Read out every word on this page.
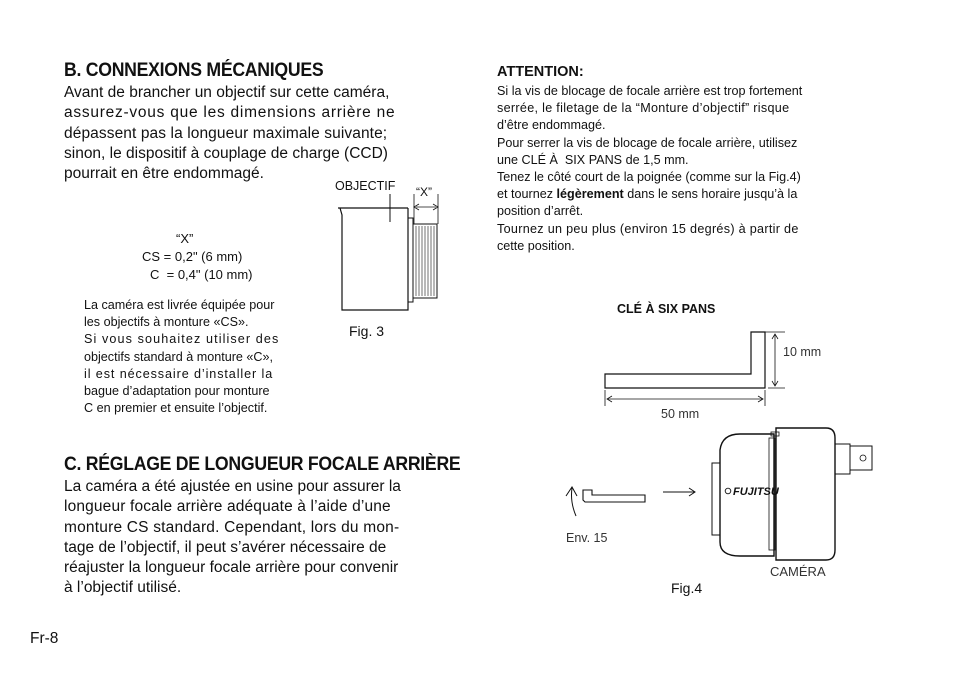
B. CONNEXIONS MÉCANIQUES
Avant de brancher un objectif sur cette caméra,
assurez-vous que les dimensions arrière ne
dépassent pas la longueur maximale suivante;
sinon, le dispositif à couplage de charge (CCD)
pourrait en être endommagé.
“X”
CS = 0,2" (6 mm)
C  = 0,4" (10 mm)
La caméra est livrée équipée pour
les objectifs à monture «CS».
Si vous souhaitez utiliser des
objectifs standard à monture «C»,
il est nécessaire d’installer la
bague d’adaptation pour monture
C en premier et ensuite l’objectif.
OBJECTIF “X”
Fig. 3
C. RÉGLAGE DE LONGUEUR FOCALE ARRIÈRE
La caméra a été ajustée en usine pour assurer la
longueur focale arrière adéquate à l’aide d’une
monture CS standard. Cependant, lors du mon-
tage de l’objectif, il peut s’avérer nécessaire de
réajuster la longueur focale arrière pour convenir
à l’objectif utilisé.
Fr-8
ATTENTION:
Si la vis de blocage de focale arrière est trop fortement
serrée, le filetage de la “Monture d’objectif” risque
d’être endommagé.
Pour serrer la vis de blocage de focale arrière, utilisez
une CLÉ À  SIX PANS de 1,5 mm.
Tenez le côté court de la poignée (comme sur la Fig.4)
et tournez légèrement dans le sens horaire jusqu’à la
position d’arrêt.
Tournez un peu plus (environ 15 degrés) à partir de
cette position.
CLÉ À SIX PANS
10 mm
50 mm
Env. 15
FUJITSU
CAMÉRA
Fig.4
